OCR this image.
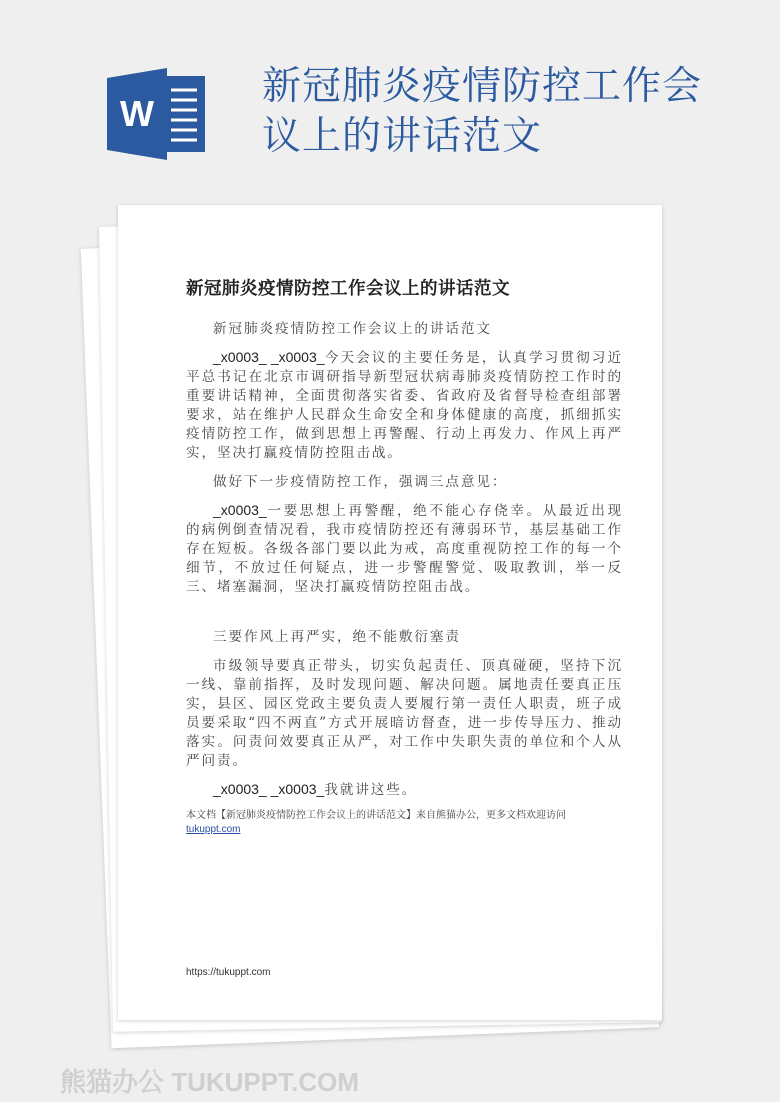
W
新冠肺炎疫情防控工作会议上的讲话范文
新冠肺炎疫情防控工作会议上的讲话范文

新冠肺炎疫情防控工作会议上的讲话范文

_x0003_ _x0003_今天会议的主要任务是，认真学习贯彻习近平总书记在北京市调研指导新型冠状病毒肺炎疫情防控工作时的重要讲话精神，全面贯彻落实省委、省政府及省督导检查组部署要求，站在维护人民群众生命安全和身体健康的高度，抓细抓实疫情防控工作，做到思想上再警醒、行动上再发力、作风上再严实，坚决打赢疫情防控阻击战。

做好下一步疫情防控工作，强调三点意见：

_x0003_一要思想上再警醒，绝不能心存侥幸。从最近出现的病例倒查情况看，我市疫情防控还有薄弱环节，基层基础工作存在短板。各级各部门要以此为戒，高度重视防控工作的每一个细节，不放过任何疑点，进一步警醒警觉、吸取教训，举一反三、堵塞漏洞，坚决打赢疫情防控阻击战。

三要作风上再严实，绝不能敷衍塞责

市级领导要真正带头，切实负起责任、顶真碰硬，坚持下沉一线、靠前指挥，及时发现问题、解决问题。属地责任要真正压实，县区、园区党政主要负责人要履行第一责任人职责，班子成员要采取“四不两直”方式开展暗访督查，进一步传导压力、推动落实。问责问效要真正从严，对工作中失职失责的单位和个人从严问责。

_x0003_ _x0003_我就讲这些。

本文档【新冠肺炎疫情防控工作会议上的讲话范文】来自熊猫办公，更多文档欢迎访问
tukuppt.com
https://tukuppt.com
熊猫办公 TUKUPPT.COM
